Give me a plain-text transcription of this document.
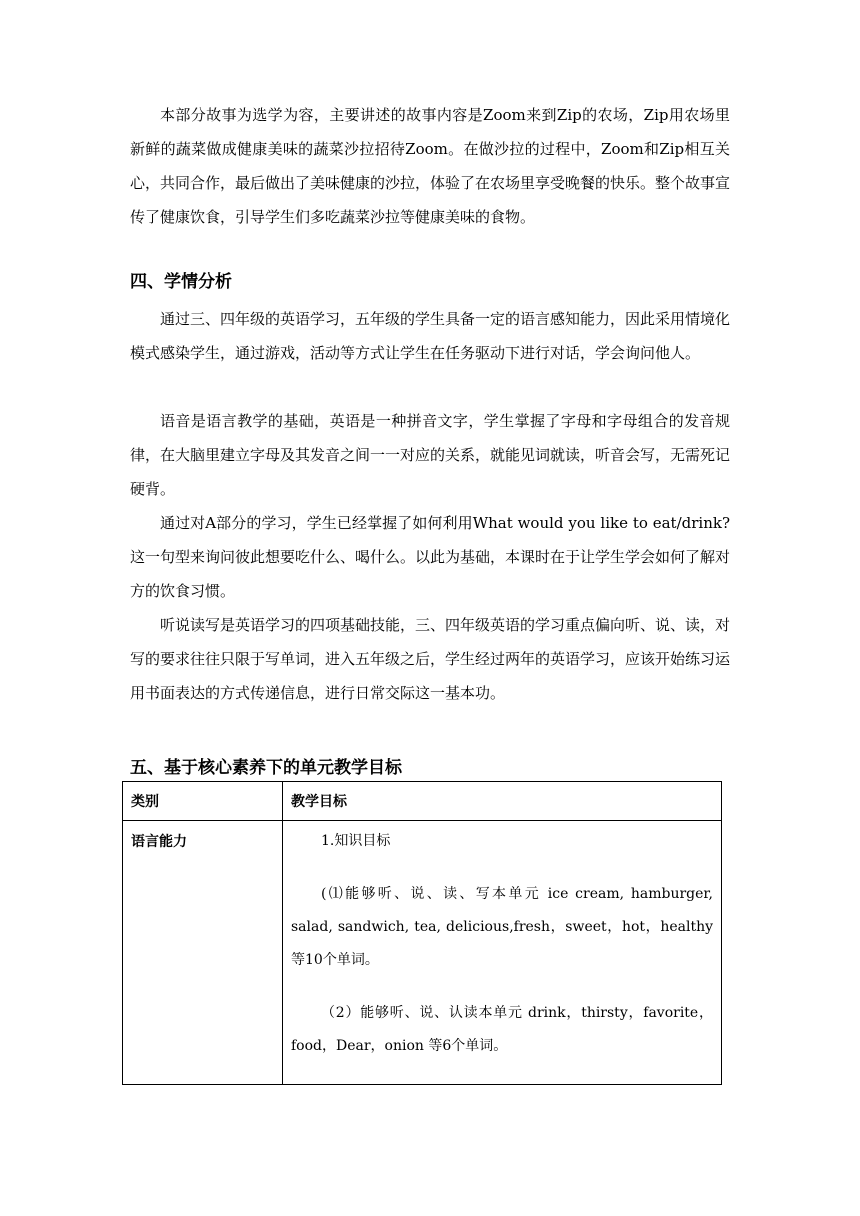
本部分故事为选学为容，主要讲述的故事内容是Zoom来到Zip的农场，Zip用农场里新鲜的蔬菜做成健康美味的蔬菜沙拉招待Zoom。在做沙拉的过程中，Zoom和Zip相互关心，共同合作，最后做出了美味健康的沙拉，体验了在农场里享受晚餐的快乐。整个故事宣传了健康饮食，引导学生们多吃蔬菜沙拉等健康美味的食物。

四、学情分析

通过三、四年级的英语学习，五年级的学生具备一定的语言感知能力，因此采用情境化模式感染学生，通过游戏，活动等方式让学生在任务驱动下进行对话，学会询问他人。

语音是语言教学的基础，英语是一种拼音文字，学生掌握了字母和字母组合的发音规律，在大脑里建立字母及其发音之间一一对应的关系，就能见词就读，听音会写，无需死记硬背。

通过对A部分的学习，学生已经掌握了如何利用What would you like to eat/drink?这一句型来询问彼此想要吃什么、喝什么。以此为基础，本课时在于让学生学会如何了解对方的饮食习惯。

听说读写是英语学习的四项基础技能，三、四年级英语的学习重点偏向听、说、读，对写的要求往往只限于写单词，进入五年级之后，学生经过两年的英语学习，应该开始练习运用书面表达的方式传递信息，进行日常交际这一基本功。

五、基于核心素养下的单元教学目标
类别	教学目标
语言能力	1.知识目标

(⑴能够听、说、读、写本单元 ice cream, hamburger, salad, sandwich, tea, delicious,fresh，sweet，hot，healthy 等10个单词。

（2）能够听、说、认读本单元 drink，thirsty，favorite，food，Dear，onion 等6个单词。
